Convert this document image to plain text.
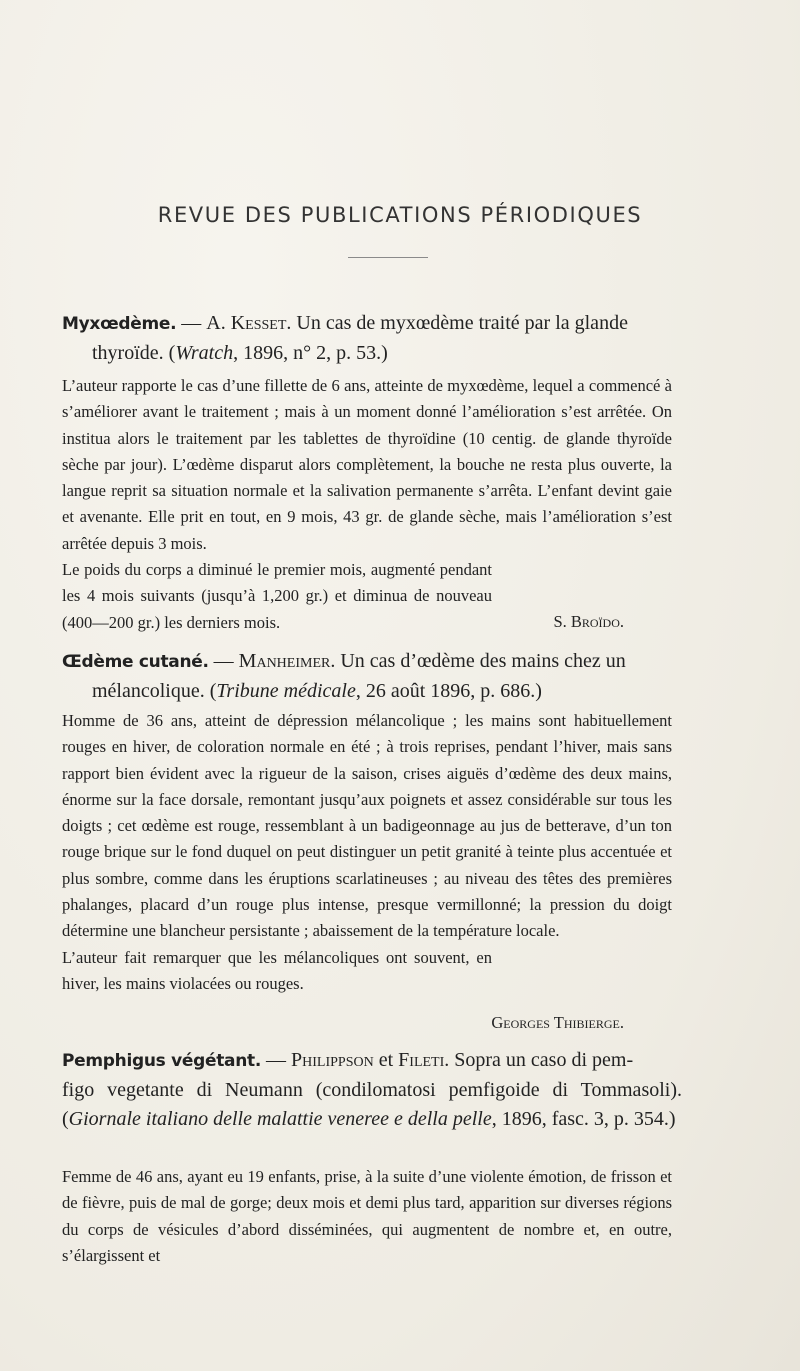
REVUE DES PUBLICATIONS PÉRIODIQUES
Myxœdème. — A. Kesset. Un cas de myxœdème traité par la glande
thyroïde. (Wratch, 1896, n° 2, p. 53.)

L’auteur rapporte le cas d’une fillette de 6 ans, atteinte de myxœdème, lequel a commencé à s’améliorer avant le traitement ; mais à un moment donné l’amélioration s’est arrêtée. On institua alors le traitement par les tablettes de thyroïdine (10 centig. de glande thyroïde sèche par jour). L’œdème disparut alors complètement, la bouche ne resta plus ouverte, la langue reprit sa situation normale et la salivation permanente s’arrêta. L’enfant devint gaie et avenante. Elle prit en tout, en 9 mois, 43 gr. de glande sèche, mais l’amélioration s’est arrêtée depuis 3 mois.

Le poids du corps a diminué le premier mois, augmenté pendant les 4 mois suivants (jusqu’à 1,200 gr.) et diminua de nouveau (400—200 gr.) les derniers mois.	S. Broïdo.
Œdème cutané. — Manheimer. Un cas d’œdème des mains chez un
mélancolique. (Tribune médicale, 26 août 1896, p. 686.)

Homme de 36 ans, atteint de dépression mélancolique ; les mains sont habituellement rouges en hiver, de coloration normale en été ; à trois reprises, pendant l’hiver, mais sans rapport bien évident avec la rigueur de la saison, crises aiguës d’œdème des deux mains, énorme sur la face dorsale, remontant jusqu’aux poignets et assez considérable sur tous les doigts ; cet œdème est rouge, ressemblant à un badigeonnage au jus de betterave, d’un ton rouge brique sur le fond duquel on peut distinguer un petit granité à teinte plus accentuée et plus sombre, comme dans les éruptions scarlatineuses ; au niveau des têtes des premières phalanges, placard d’un rouge plus intense, presque vermillonné; la pression du doigt détermine une blancheur persistante ; abaissement de la température locale.

L’auteur fait remarquer que les mélancoliques ont souvent, en hiver, les mains violacées ou rouges.

Georges Thibierge.
Pemphigus végétant. — Philippson et Fileti. Sopra un caso di pem-
figo vegetante di Neumann (condilomatosi pemfigoide di Tommasoli). (Giornale italiano delle malattie veneree e della pelle, 1896, fasc. 3, p. 354.)

Femme de 46 ans, ayant eu 19 enfants, prise, à la suite d’une violente émotion, de frisson et de fièvre, puis de mal de gorge; deux mois et demi plus tard, apparition sur diverses régions du corps de vésicules d’abord disséminées, qui augmentent de nombre et, en outre, s’élargissent et
